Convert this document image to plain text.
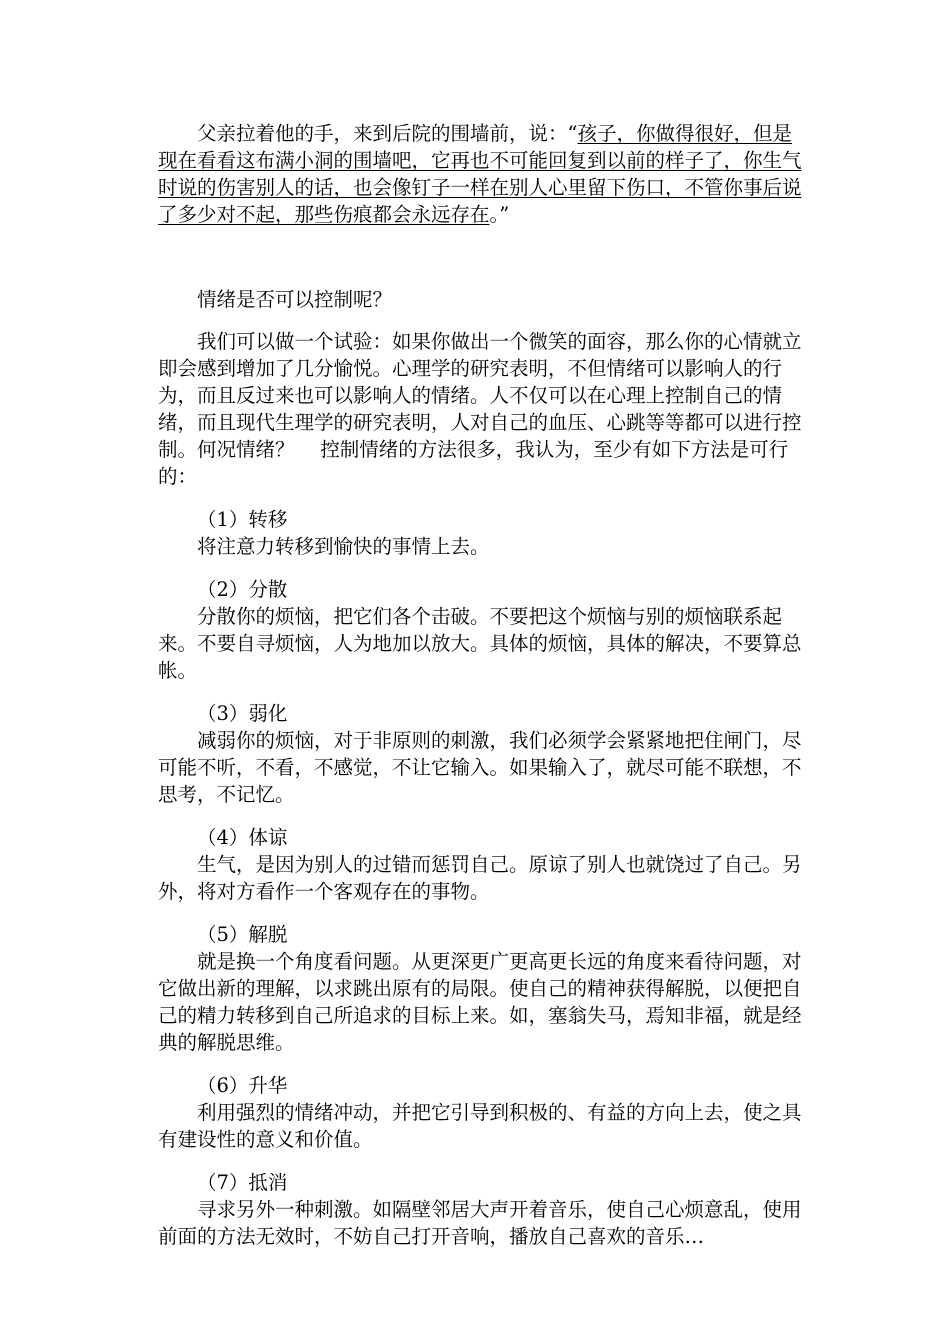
父亲拉着他的手，来到后院的围墙前，说：“孩子，你做得很好，但是现在看看这布满小洞的围墙吧，它再也不可能回复到以前的样子了，你生气时说的伤害别人的话，也会像钉子一样在别人心里留下伤口，不管你事后说了多少对不起，那些伤痕都会永远存在。”

情绪是否可以控制呢？

我们可以做一个试验：如果你做出一个微笑的面容，那么你的心情就立即会感到增加了几分愉悦。心理学的研究表明，不但情绪可以影响人的行为，而且反过来也可以影响人的情绪。人不仅可以在心理上控制自己的情绪，而且现代生理学的研究表明，人对自己的血压、心跳等等都可以进行控制。何况情绪？　 控制情绪的方法很多，我认为，至少有如下方法是可行的：

（1）转移

将注意力转移到愉快的事情上去。

（2）分散

分散你的烦恼，把它们各个击破。不要把这个烦恼与别的烦恼联系起来。不要自寻烦恼，人为地加以放大。具体的烦恼，具体的解决，不要算总帐。

（3）弱化

减弱你的烦恼，对于非原则的刺激，我们必须学会紧紧地把住闸门，尽可能不听，不看，不感觉，不让它输入。如果输入了，就尽可能不联想，不思考，不记忆。

（4）体谅

生气，是因为别人的过错而惩罚自己。原谅了别人也就饶过了自己。另外，将对方看作一个客观存在的事物。

（5）解脱

就是换一个角度看问题。从更深更广更高更长远的角度来看待问题，对它做出新的理解，以求跳出原有的局限。使自己的精神获得解脱，以便把自己的精力转移到自己所追求的目标上来。如，塞翁失马，焉知非福，就是经典的解脱思维。

（6）升华

利用强烈的情绪冲动，并把它引导到积极的、有益的方向上去，使之具有建设性的意义和价值。

（7）抵消

寻求另外一种刺激。如隔壁邻居大声开着音乐，使自己心烦意乱，使用前面的方法无效时，不妨自己打开音响，播放自己喜欢的音乐…
